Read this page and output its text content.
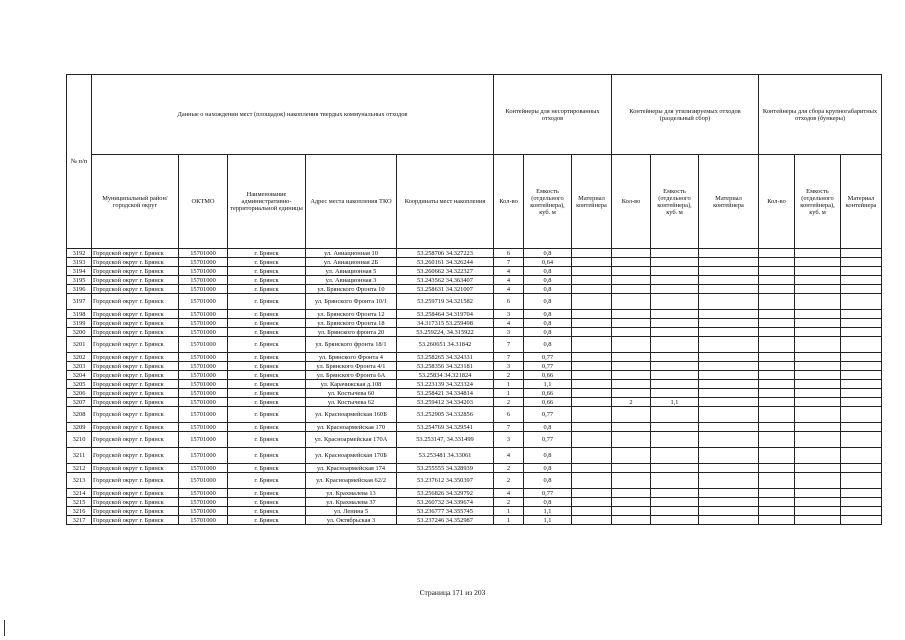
№ п/п	Данные о нахождении мест (площадок) накопления твердых коммунальных отходов					Контейнеры для несортированных отходов			Контейнеры для утилизируемых отходов (раздельный сбор)			Контейнеры для сбора крупногабаритных отходов (бункеры)		
	Муниципальный район/городской округ	ОКТМО	Наименование административно-территориальной единицы	Адрес места накопления ТКО	Координаты мест накопления	Кол-во	Емкость (отдельного контейнера), куб. м	Материал контейнера	Кол-во	Емкость (отдельного контейнера), куб. м	Материал контейнера	Кол-во	Емкость (отдельного контейнера), куб. м	Материал контейнера
3192	Городской округ г. Брянск	15701000	г. Брянск	ул. Авиационная 10	53.258706 34.327223	6	0,8							
3193	Городской округ г. Брянск	15701000	г. Брянск	ул. Авиационная 2Б	53.260161 34.326244	7	0,64							
3194	Городской округ г. Брянск	15701000	г. Брянск	ул. Авиационная 5	53.260662 34.322327	4	0,8							
3195	Городской округ г. Брянск	15701000	г. Брянск	ул. Авиационная 3	53.243562 34.363407	4	0,8							
3196	Городской округ г. Брянск	15701000	г. Брянск	ул. Брянского Фронта 10	53.258631 34.321007	4	0,8							
3197	Городской округ г. Брянск	15701000	г. Брянск	ул. Брянского Фронта 10/1	53.259719 34.321582	6	0,8							
3198	Городской округ г. Брянск	15701000	г. Брянск	ул. Брянского Фронта 12	53.258464 34.319704	3	0,8							
3199	Городской округ г. Брянск	15701000	г. Брянск	ул. Брянского Фронта 18	34.317315 53.259498	4	0,8							
3200	Городской округ г. Брянск	15701000	г. Брянск	ул. Брянского фронта 20	53.259224, 34.315922	3	0,8							
3201	Городской округ г. Брянск	15701000	г. Брянск	ул. Брянского фронта 18/1	53.260651 34.31842	7	0,8							
3202	Городской округ г. Брянск	15701000	г. Брянск	ул. Брянского Фронта 4	53.258265 34.324331	7	0,77							
3203	Городской округ г. Брянск	15701000	г. Брянск	ул. Брянского Фронта 4/1	53.258356 34.323181	3	0,77							
3204	Городской округ г. Брянск	15701000	г. Брянск	ул. Брянского Фронта 6А	53.25834 34.321824	2	0,66							
3205	Городской округ г. Брянск	15701000	г. Брянск	ул. Карачижская д.108	53.223139 34.323324	1	1,1							
3206	Городской округ г. Брянск	15701000	г. Брянск	ул. Костычева 60	53.258421 34.334814	1	0,66							
3207	Городской округ г. Брянск	15701000	г. Брянск	ул. Костычева 62	53.259412 34.334203	2	0,66		2	1,1				
3208	Городской округ г. Брянск	15701000	г. Брянск	ул. Красноармейская 160Б	53.252905 34.332856	6	0,77							
3209	Городской округ г. Брянск	15701000	г. Брянск	ул. Красноармейская 170	53.254769 34.329541	7	0,8							
3210	Городской округ г. Брянск	15701000	г. Брянск	ул. Красноармейская 170А	53.253147, 34.331499	3	0,77							
3211	Городской округ г. Брянск	15701000	г. Брянск	ул. Красноармейская 170Б	53.253481 34.33061	4	0,8							
3212	Городской округ г. Брянск	15701000	г. Брянск	ул. Красноармейская 174	53.255555 34.328939	2	0,8							
3213	Городской округ г. Брянск	15701000	г. Брянск	ул. Красноармейская 62/2	53.237612 34.350397	2	0,8							
3214	Городской округ г. Брянск	15701000	г. Брянск	ул. Крахмалева 13	53.256826 34.329792	4	0,77							
3215	Городской округ г. Брянск	15701000	г. Брянск	ул. Крахмалева 37	53.260732 34.339674	2	0,8							
3216	Городской округ г. Брянск	15701000	г. Брянск	ул. Ленина 5	53.236777 34.355745	1	1,1							
3217	Городской округ г. Брянск	15701000	г. Брянск	ул. Октябрьская 3	53.237246 34.352987	1	1,1							
Страница 171 из 203
